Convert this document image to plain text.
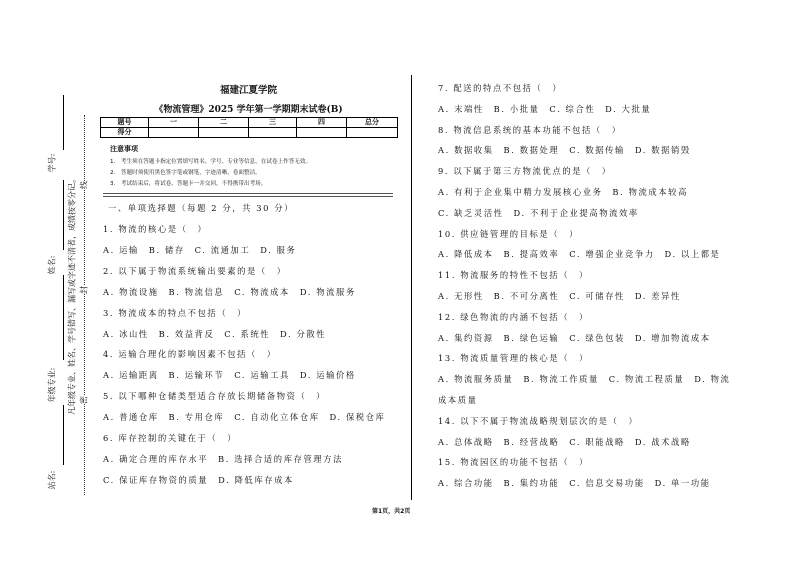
学号:
姓名:
年级专业:
站名:
凡年级专业、姓名、学号错写、漏写或字迹不清者，成绩按零分记。 密
封
线
福建江夏学院
《物流管理》2025 学年第一学期期末试卷(B)
题号	一	二	三	四	总分
得分					
注意事项
1.　考生须在答题卡指定位置填写姓名、学号、专业等信息，在试卷上作答无效。
2.　答题时须使用黑色签字笔或钢笔，字迹清晰，卷面整洁。
3.　考试结束后，将试卷、答题卡一并交回，不得携带出考场。
一、单项选择题（每题 2 分，共 30 分）
1. 物流的核心是（　）
A. 运输　B. 储存　C. 流通加工　D. 服务
2. 以下属于物流系统输出要素的是（　）
A. 物流设施　B. 物流信息　C. 物流成本　D. 物流服务
3. 物流成本的特点不包括（　）
A. 冰山性　B. 效益背反　C. 系统性　D. 分散性
4. 运输合理化的影响因素不包括（　）
A. 运输距离　B. 运输环节　C. 运输工具　D. 运输价格
5. 以下哪种仓储类型适合存放长期储备物资（　）
A. 普通仓库　B. 专用仓库　C. 自动化立体仓库　D. 保税仓库
6. 库存控制的关键在于（　）
A. 确定合理的库存水平　B. 选择合适的库存管理方法
C. 保证库存物资的质量　D. 降低库存成本
7. 配送的特点不包括（　）
A. 末端性　B. 小批量　C. 综合性　D. 大批量
8. 物流信息系统的基本功能不包括（　）
A. 数据收集　B. 数据处理　C. 数据传输　D. 数据销毁
9. 以下属于第三方物流优点的是（　）
A. 有利于企业集中精力发展核心业务　B. 物流成本较高
C. 缺乏灵活性　D. 不利于企业提高物流效率
10. 供应链管理的目标是（　）
A. 降低成本　B. 提高效率　C. 增强企业竞争力　D. 以上都是
11. 物流服务的特性不包括（　）
A. 无形性　B. 不可分离性　C. 可储存性　D. 差异性
12. 绿色物流的内涵不包括（　）
A. 集约资源　B. 绿色运输　C. 绿色包装　D. 增加物流成本
13. 物流质量管理的核心是（　）
A. 物流服务质量　B. 物流工作质量　C. 物流工程质量　D. 物流
成本质量
14. 以下不属于物流战略规划层次的是（　）
A. 总体战略　B. 经营战略　C. 职能战略　D. 战术战略
15. 物流园区的功能不包括（　）
A. 综合功能　B. 集约功能　C. 信息交易功能　D. 单一功能
第1页，共2页
